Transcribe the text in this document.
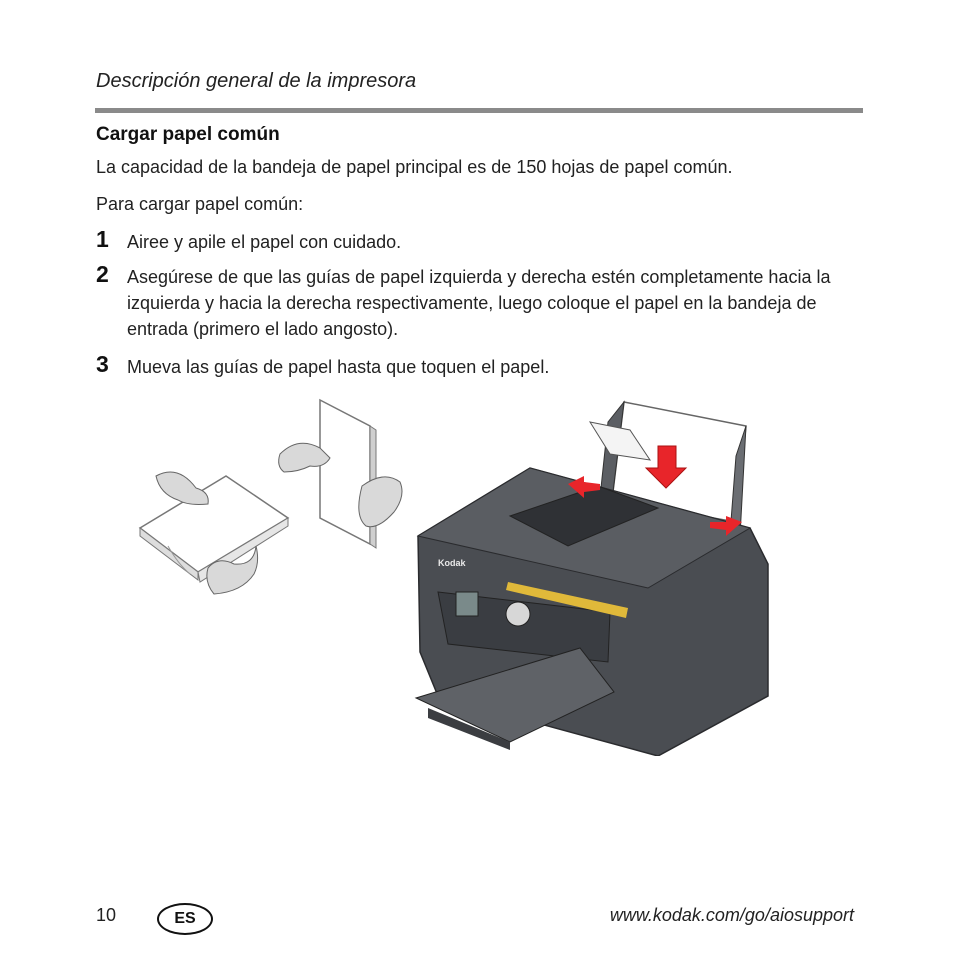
Descripción general de la impresora
Cargar papel común
La capacidad de la bandeja de papel principal es de 150 hojas de papel común.
Para cargar papel común:
1 Airee y apile el papel con cuidado.
2 Asegúrese de que las guías de papel izquierda y derecha estén completamente hacia la izquierda y hacia la derecha respectivamente, luego coloque el papel en la bandeja de entrada (primero el lado angosto).
3 Mueva las guías de papel hasta que toquen el papel.
Kodak
10	ES	www.kodak.com/go/aiosupport
